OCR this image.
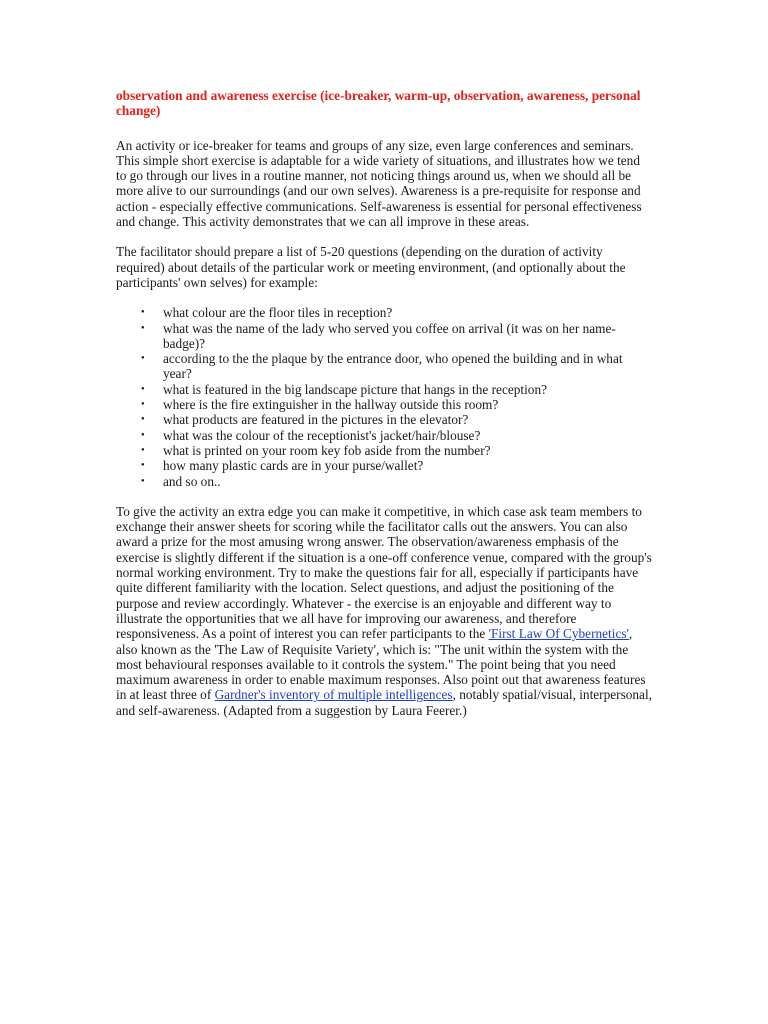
observation and awareness exercise (ice-breaker, warm-up, observation, awareness, personal change)

An activity or ice-breaker for teams and groups of any size, even large conferences and seminars. This simple short exercise is adaptable for a wide variety of situations, and illustrates how we tend to go through our lives in a routine manner, not noticing things around us, when we should all be more alive to our surroundings (and our own selves). Awareness is a pre-requisite for response and action - especially effective communications. Self-awareness is essential for personal effectiveness and change. This activity demonstrates that we can all improve in these areas.

The facilitator should prepare a list of 5-20 questions (depending on the duration of activity required) about details of the particular work or meeting environment, (and optionally about the participants' own selves) for example:

● what colour are the floor tiles in reception?
● what was the name of the lady who served you coffee on arrival (it was on her name-badge)?
● according to the the plaque by the entrance door, who opened the building and in what year?
● what is featured in the big landscape picture that hangs in the reception?
● where is the fire extinguisher in the hallway outside this room?
● what products are featured in the pictures in the elevator?
● what was the colour of the receptionist's jacket/hair/blouse?
● what is printed on your room key fob aside from the number?
● how many plastic cards are in your purse/wallet?
● and so on..

To give the activity an extra edge you can make it competitive, in which case ask team members to exchange their answer sheets for scoring while the facilitator calls out the answers. You can also award a prize for the most amusing wrong answer. The observation/awareness emphasis of the exercise is slightly different if the situation is a one-off conference venue, compared with the group's normal working environment. Try to make the questions fair for all, especially if participants have quite different familiarity with the location. Select questions, and adjust the positioning of the purpose and review accordingly. Whatever - the exercise is an enjoyable and different way to illustrate the opportunities that we all have for improving our awareness, and therefore responsiveness. As a point of interest you can refer participants to the 'First Law Of Cybernetics', also known as the 'The Law of Requisite Variety', which is: "The unit within the system with the most behavioural responses available to it controls the system." The point being that you need maximum awareness in order to enable maximum responses. Also point out that awareness features in at least three of Gardner's inventory of multiple intelligences, notably spatial/visual, interpersonal, and self-awareness. (Adapted from a suggestion by Laura Feerer.)
